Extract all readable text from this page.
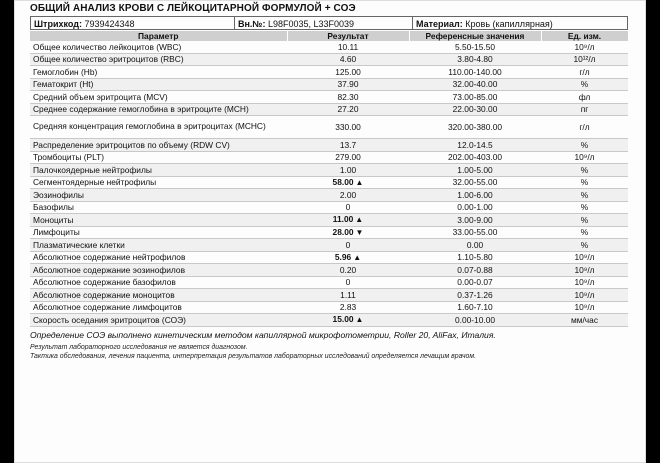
ОБЩИЙ АНАЛИЗ КРОВИ С ЛЕЙКОЦИТАРНОЙ ФОРМУЛОЙ + СОЭ
Штрихкод: 7939424348	Вн.№: L98F0035, L33F0039	Материал: Кровь (капиллярная)
Параметр	Результат	Референсные значения	Ед. изм.
Общее количество лейкоцитов (WBC)	10.11	5.50-15.50	10⁹/л
Общее количество эритроцитов (RBC)	4.60	3.80-4.80	10¹²/л
Гемоглобин (Hb)	125.00	110.00-140.00	г/л
Гематокрит (Ht)	37.90	32.00-40.00	%
Средний объем эритроцита (MCV)	82.30	73.00-85.00	фл
Среднее содержание гемоглобина в эритроците (MCH)	27.20	22.00-30.00	пг
Средняя концентрация гемоглобина в эритроцитах (MCHC)	330.00	320.00-380.00	г/л
Распределение эритроцитов по объему (RDW CV)	13.7	12.0-14.5	%
Тромбоциты (PLT)	279.00	202.00-403.00	10⁹/л
Палочкоядерные нейтрофилы	1.00	1.00-5.00	%
Сегментоядерные нейтрофилы	58.00 ▲	32.00-55.00	%
Эозинофилы	2.00	1.00-6.00	%
Базофилы	0	0.00-1.00	%
Моноциты	11.00 ▲	3.00-9.00	%
Лимфоциты	28.00 ▼	33.00-55.00	%
Плазматические клетки	0	0.00	%
Абсолютное содержание нейтрофилов	5.96 ▲	1.10-5.80	10⁹/л
Абсолютное содержание эозинофилов	0.20	0.07-0.88	10⁹/л
Абсолютное содержание базофилов	0	0.00-0.07	10⁹/л
Абсолютное содержание моноцитов	1.11	0.37-1.26	10⁹/л
Абсолютное содержание лимфоцитов	2.83	1.60-7.10	10⁹/л
Скорость оседания эритроцитов (СОЭ)	15.00 ▲	0.00-10.00	мм/час
Определение СОЭ выполнено кинетическим методом капиллярной микрофотометрии, Roller 20, AliFax, Италия.
Результат лабораторного исследования не является диагнозом.
Тактика обследования, лечения пациента, интерпретация результатов лабораторных исследований определяется лечащим врачом.
